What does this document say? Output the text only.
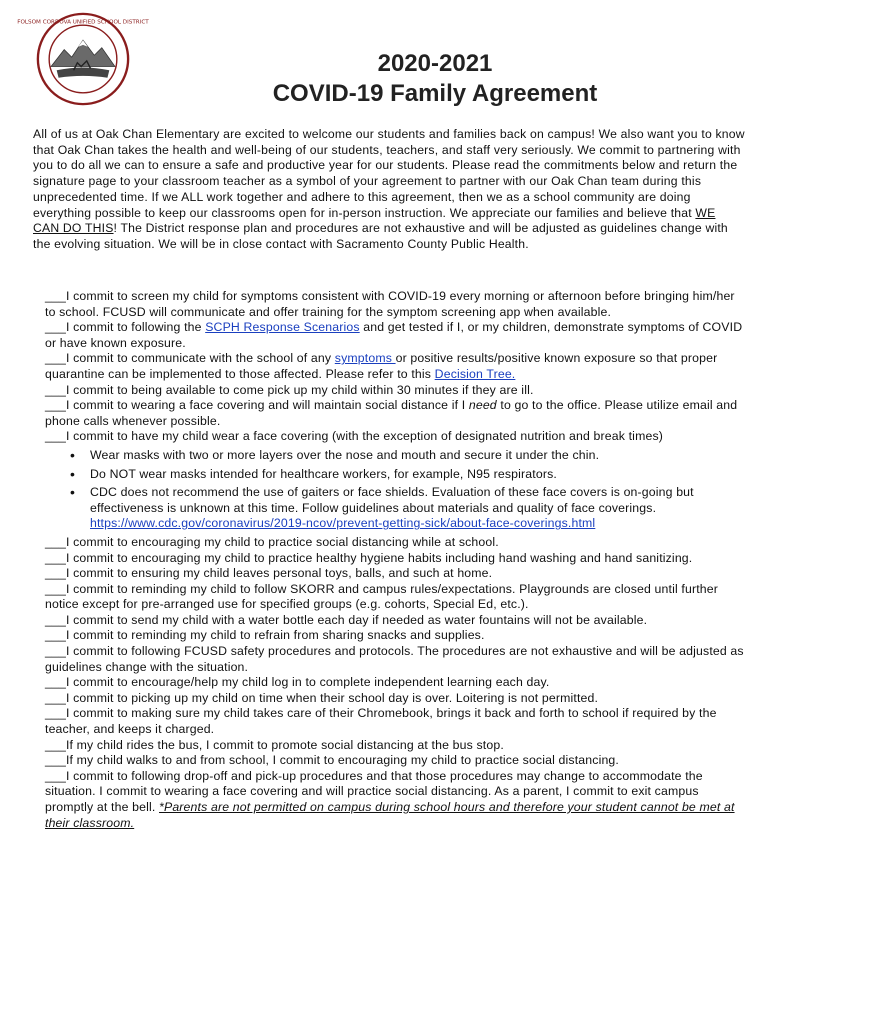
FOLSOM CORDOVA UNIFIED SCHOOL DISTRICT
2020-2021
COVID-19 Family Agreement
All of us at Oak Chan Elementary are excited to welcome our students and families back on campus! We also want you to know that Oak Chan takes the health and well-being of our students, teachers, and staff very seriously. We commit to partnering with you to do all we can to ensure a safe and productive year for our students. Please read the commitments below and return the signature page to your classroom teacher as a symbol of your agreement to partner with our Oak Chan team during this unprecedented time. If we ALL work together and adhere to this agreement, then we as a school community are doing everything possible to keep our classrooms open for in-person instruction. We appreciate our families and believe that WE CAN DO THIS! The District response plan and procedures are not exhaustive and will be adjusted as guidelines change with the evolving situation. We will be in close contact with Sacramento County Public Health.

___I commit to screen my child for symptoms consistent with COVID-19 every morning or afternoon before bringing him/her to school. FCUSD will communicate and offer training for the symptom screening app when available.

___I commit to following the SCPH Response Scenarios and get tested if I, or my children, demonstrate symptoms of COVID or have known exposure.

___I commit to communicate with the school of any symptoms or positive results/positive known exposure so that proper quarantine can be implemented to those affected. Please refer to this Decision Tree.

___I commit to being available to come pick up my child within 30 minutes if they are ill.

___I commit to wearing a face covering and will maintain social distance if I need to go to the office. Please utilize email and phone calls whenever possible.

___I commit to have my child wear a face covering (with the exception of designated nutrition and break times)

• Wear masks with two or more layers over the nose and mouth and secure it under the chin.
• Do NOT wear masks intended for healthcare workers, for example, N95 respirators.
• CDC does not recommend the use of gaiters or face shields. Evaluation of these face covers is on-going but effectiveness is unknown at this time. Follow guidelines about materials and quality of face coverings. https://www.cdc.gov/coronavirus/2019-ncov/prevent-getting-sick/about-face-coverings.html

___I commit to encouraging my child to practice social distancing while at school.

___I commit to encouraging my child to practice healthy hygiene habits including hand washing and hand sanitizing.

___I commit to ensuring my child leaves personal toys, balls, and such at home.

___I commit to reminding my child to follow SKORR and campus rules/expectations. Playgrounds are closed until further notice except for pre-arranged use for specified groups (e.g. cohorts, Special Ed, etc.).

___I commit to send my child with a water bottle each day if needed as water fountains will not be available.

___I commit to reminding my child to refrain from sharing snacks and supplies.

___I commit to following FCUSD safety procedures and protocols. The procedures are not exhaustive and will be adjusted as guidelines change with the situation.

___I commit to encourage/help my child log in to complete independent learning each day.

___I commit to picking up my child on time when their school day is over. Loitering is not permitted.

___I commit to making sure my child takes care of their Chromebook, brings it back and forth to school if required by the teacher, and keeps it charged.

___If my child rides the bus, I commit to promote social distancing at the bus stop.

___If my child walks to and from school, I commit to encouraging my child to practice social distancing.

___I commit to following drop-off and pick-up procedures and that those procedures may change to accommodate the situation. I commit to wearing a face covering and will practice social distancing. As a parent, I commit to exit campus promptly at the bell. *Parents are not permitted on campus during school hours and therefore your student cannot be met at their classroom.
